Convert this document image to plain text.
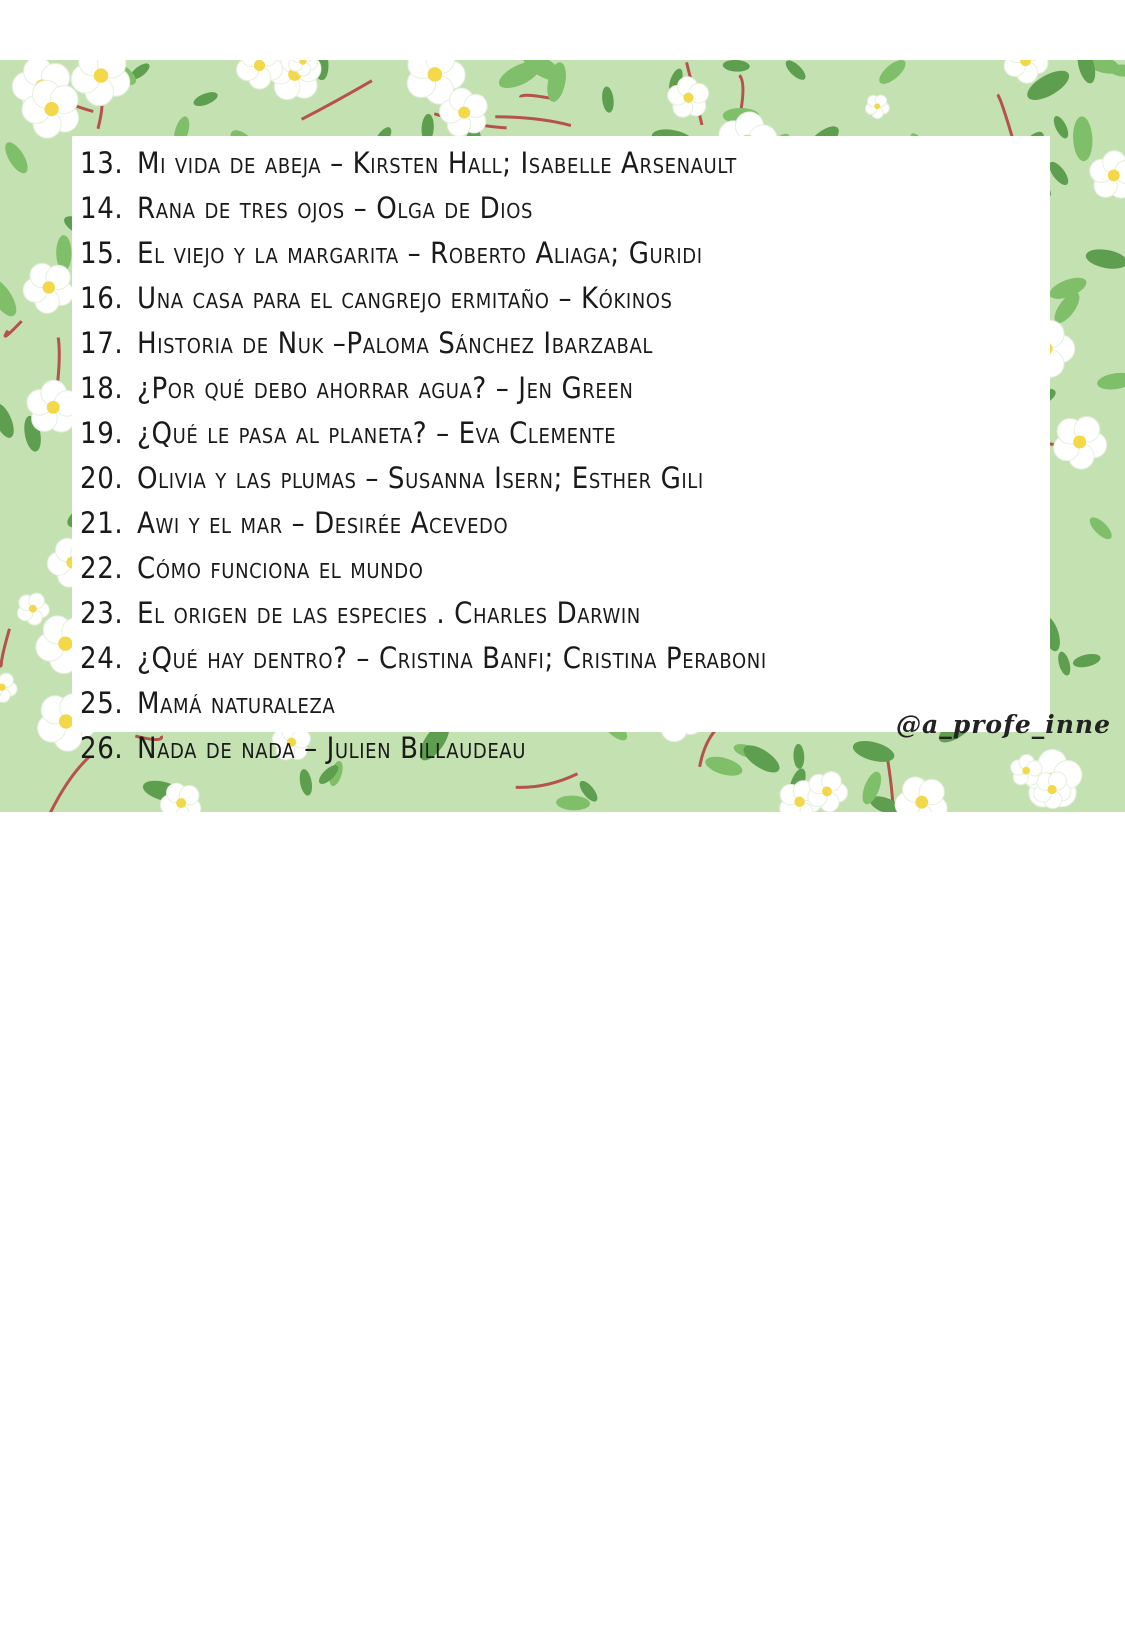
13. Mi vida de abeja – Kirsten Hall; Isabelle Arsenault
14. Rana de tres ojos – Olga de Dios
15. El viejo y la margarita – Roberto Aliaga; Guridi
16. Una casa para el cangrejo ermitaño – Kókinos
17. Historia de Nuk –Paloma Sánchez Ibarzabal
18. ¿Por qué debo ahorrar agua? – Jen Green
19. ¿Qué le pasa al planeta? – Eva Clemente
20. Olivia y las plumas – Susanna Isern; Esther Gili
21. Awi y el mar – Desirée Acevedo
22. Cómo funciona el mundo
23. El origen de las especies . Charles Darwin
24. ¿Qué hay dentro? – Cristina Banfi; Cristina Peraboni
25. Mamá naturaleza
26. Nada de nada – Julien Billaudeau
@a_profe_inne
